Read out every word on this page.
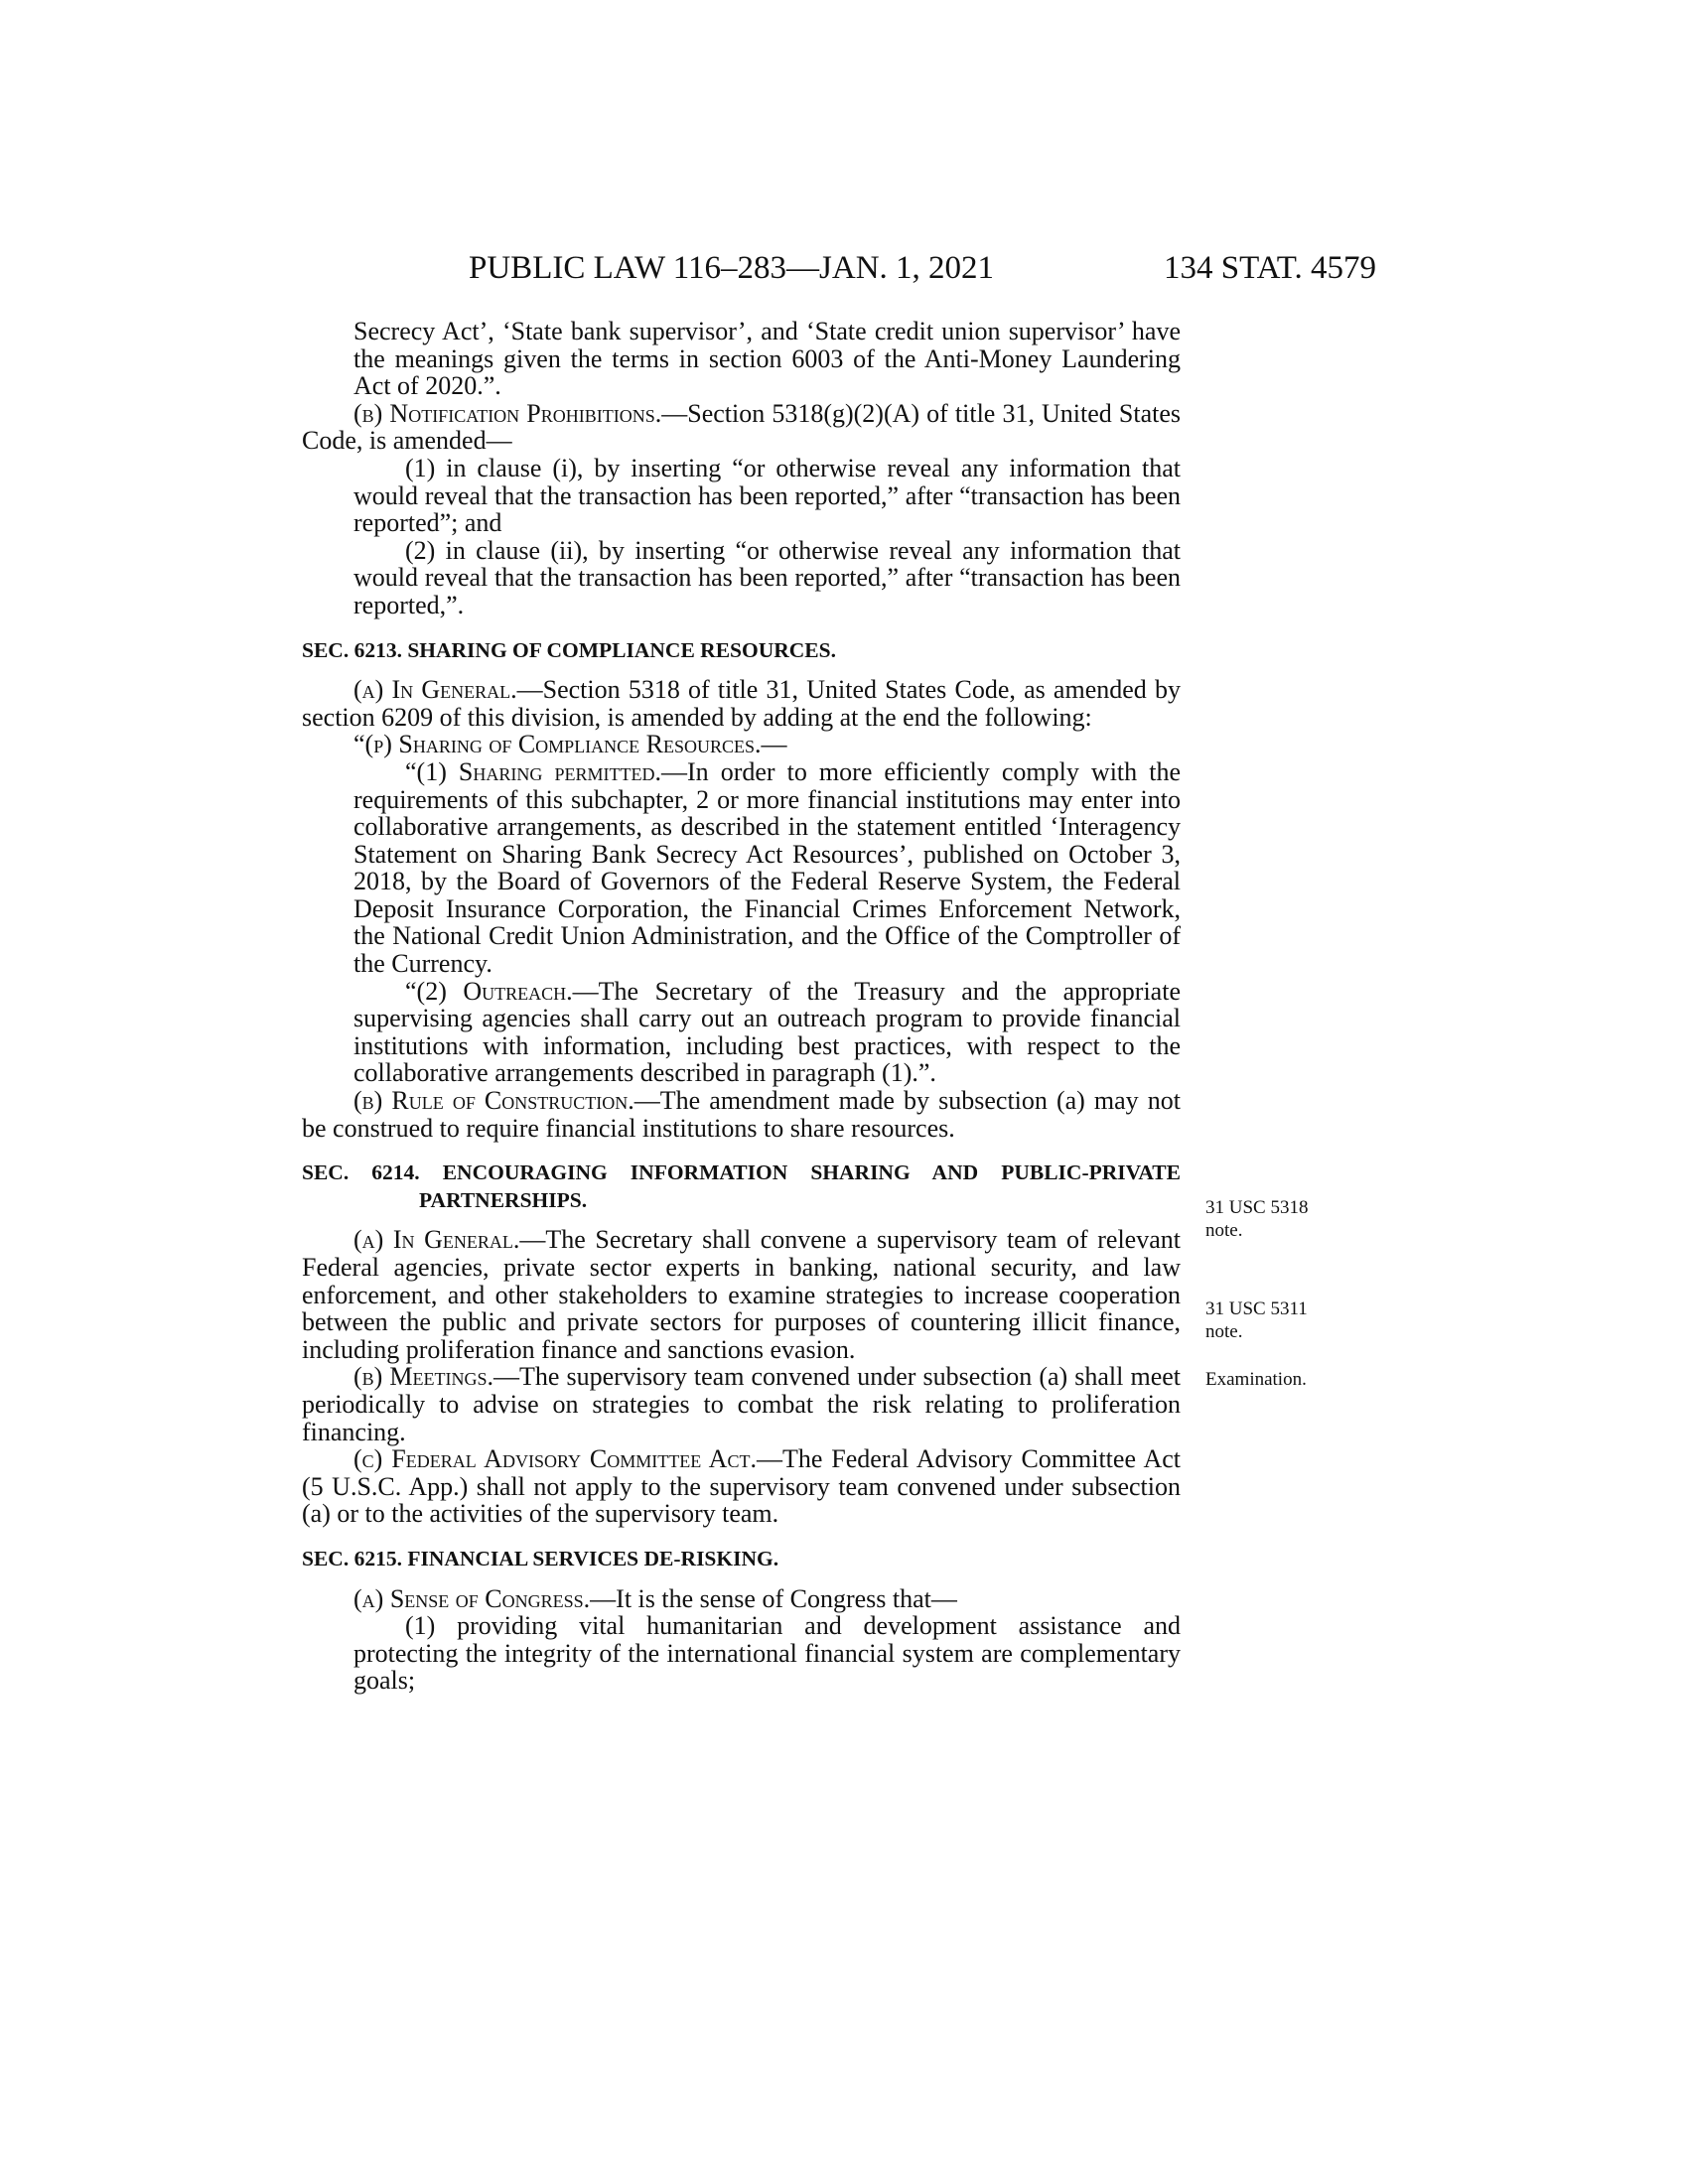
PUBLIC LAW 116–283—JAN. 1, 2021	134 STAT. 4579

Secrecy Act’, ‘State bank supervisor’, and ‘State credit union supervisor’ have the meanings given the terms in section 6003 of the Anti-Money Laundering Act of 2020.”.

(b) Notification Prohibitions.—Section 5318(g)(2)(A) of title 31, United States Code, is amended—

(1) in clause (i), by inserting “or otherwise reveal any information that would reveal that the transaction has been reported,” after “transaction has been reported”; and

(2) in clause (ii), by inserting “or otherwise reveal any information that would reveal that the transaction has been reported,” after “transaction has been reported,”.

SEC. 6213. SHARING OF COMPLIANCE RESOURCES.

(a) In General.—Section 5318 of title 31, United States Code, as amended by section 6209 of this division, is amended by adding at the end the following:

“(p) Sharing of Compliance Resources.—

“(1) Sharing permitted.—In order to more efficiently comply with the requirements of this subchapter, 2 or more financial institutions may enter into collaborative arrangements, as described in the statement entitled ‘Interagency Statement on Sharing Bank Secrecy Act Resources’, published on October 3, 2018, by the Board of Governors of the Federal Reserve System, the Federal Deposit Insurance Corporation, the Financial Crimes Enforcement Network, the National Credit Union Administration, and the Office of the Comptroller of the Currency.

“(2) Outreach.—The Secretary of the Treasury and the appropriate supervising agencies shall carry out an outreach program to provide financial institutions with information, including best practices, with respect to the collaborative arrangements described in paragraph (1).”.

(b) Rule of Construction.—The amendment made by subsection (a) may not be construed to require financial institutions to share resources.

SEC. 6214. ENCOURAGING INFORMATION SHARING AND PUBLIC-PRIVATE PARTNERSHIPS.

(a) In General.—The Secretary shall convene a supervisory team of relevant Federal agencies, private sector experts in banking, national security, and law enforcement, and other stakeholders to examine strategies to increase cooperation between the public and private sectors for purposes of countering illicit finance, including proliferation finance and sanctions evasion.

(b) Meetings.—The supervisory team convened under subsection (a) shall meet periodically to advise on strategies to combat the risk relating to proliferation financing.

(c) Federal Advisory Committee Act.—The Federal Advisory Committee Act (5 U.S.C. App.) shall not apply to the supervisory team convened under subsection (a) or to the activities of the supervisory team.

SEC. 6215. FINANCIAL SERVICES DE-RISKING.

(a) Sense of Congress.—It is the sense of Congress that—

(1) providing vital humanitarian and development assistance and protecting the integrity of the international financial system are complementary goals;

31 USC 5318 note.
31 USC 5311 note.
Examination.
